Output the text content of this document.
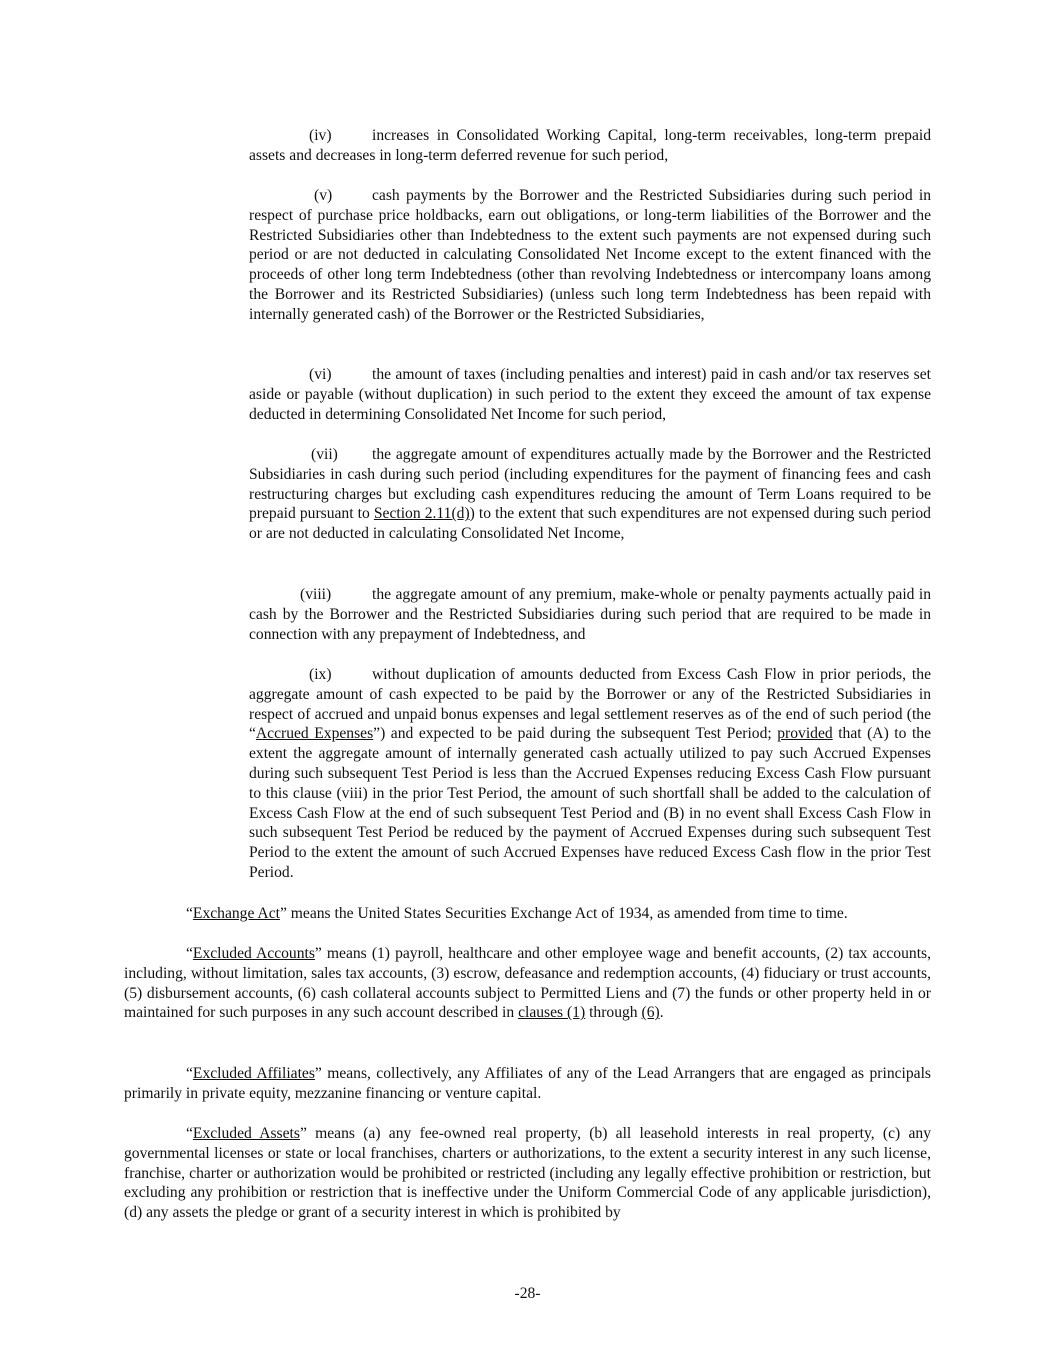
(iv)	increases in Consolidated Working Capital, long-term receivables, long-term prepaid assets and decreases in long-term deferred revenue for such period,

(v)	cash payments by the Borrower and the Restricted Subsidiaries during such period in respect of purchase price holdbacks, earn out obligations, or long-term liabilities of the Borrower and the Restricted Subsidiaries other than Indebtedness to the extent such payments are not expensed during such period or are not deducted in calculating Consolidated Net Income except to the extent financed with the proceeds of other long term Indebtedness (other than revolving Indebtedness or intercompany loans among the Borrower and its Restricted Subsidiaries) (unless such long term Indebtedness has been repaid with internally generated cash) of the Borrower or the Restricted Subsidiaries,

(vi)	the amount of taxes (including penalties and interest) paid in cash and/or tax reserves set aside or payable (without duplication) in such period to the extent they exceed the amount of tax expense deducted in determining Consolidated Net Income for such period,

(vii) the aggregate amount of expenditures actually made by the Borrower and the Restricted Subsidiaries in cash during such period (including expenditures for the payment of financing fees and cash restructuring charges but excluding cash expenditures reducing the amount of Term Loans required to be prepaid pursuant to Section 2.11(d)) to the extent that such expenditures are not expensed during such period or are not deducted in calculating Consolidated Net Income,

(viii)	the aggregate amount of any premium, make-whole or penalty payments actually paid in cash by the Borrower and the Restricted Subsidiaries during such period that are required to be made in connection with any prepayment of Indebtedness, and

(ix)	without duplication of amounts deducted from Excess Cash Flow in prior periods, the aggregate amount of cash expected to be paid by the Borrower or any of the Restricted Subsidiaries in respect of accrued and unpaid bonus expenses and legal settlement reserves as of the end of such period (the “Accrued Expenses”) and expected to be paid during the subsequent Test Period; provided that (A) to the extent the aggregate amount of internally generated cash actually utilized to pay such Accrued Expenses during such subsequent Test Period is less than the Accrued Expenses reducing Excess Cash Flow pursuant to this clause (viii) in the prior Test Period, the amount of such shortfall shall be added to the calculation of Excess Cash Flow at the end of such subsequent Test Period and (B) in no event shall Excess Cash Flow in such subsequent Test Period be reduced by the payment of Accrued Expenses during such subsequent Test Period to the extent the amount of such Accrued Expenses have reduced Excess Cash flow in the prior Test Period.

“Exchange Act” means the United States Securities Exchange Act of 1934, as amended from time to time.

“Excluded Accounts” means (1) payroll, healthcare and other employee wage and benefit accounts, (2) tax accounts, including, without limitation, sales tax accounts, (3) escrow, defeasance and redemption accounts, (4) fiduciary or trust accounts, (5) disbursement accounts, (6) cash collateral accounts subject to Permitted Liens and (7) the funds or other property held in or maintained for such purposes in any such account described in clauses (1) through (6).

“Excluded Affiliates” means, collectively, any Affiliates of any of the Lead Arrangers that are engaged as principals primarily in private equity, mezzanine financing or venture capital.

“Excluded Assets” means (a) any fee-owned real property, (b) all leasehold interests in real property, (c) any governmental licenses or state or local franchises, charters or authorizations, to the extent a security interest in any such license, franchise, charter or authorization would be prohibited or restricted (including any legally effective prohibition or restriction, but excluding any prohibition or restriction that is ineffective under the Uniform Commercial Code of any applicable jurisdiction), (d) any assets the pledge or grant of a security interest in which is prohibited by

-28-
